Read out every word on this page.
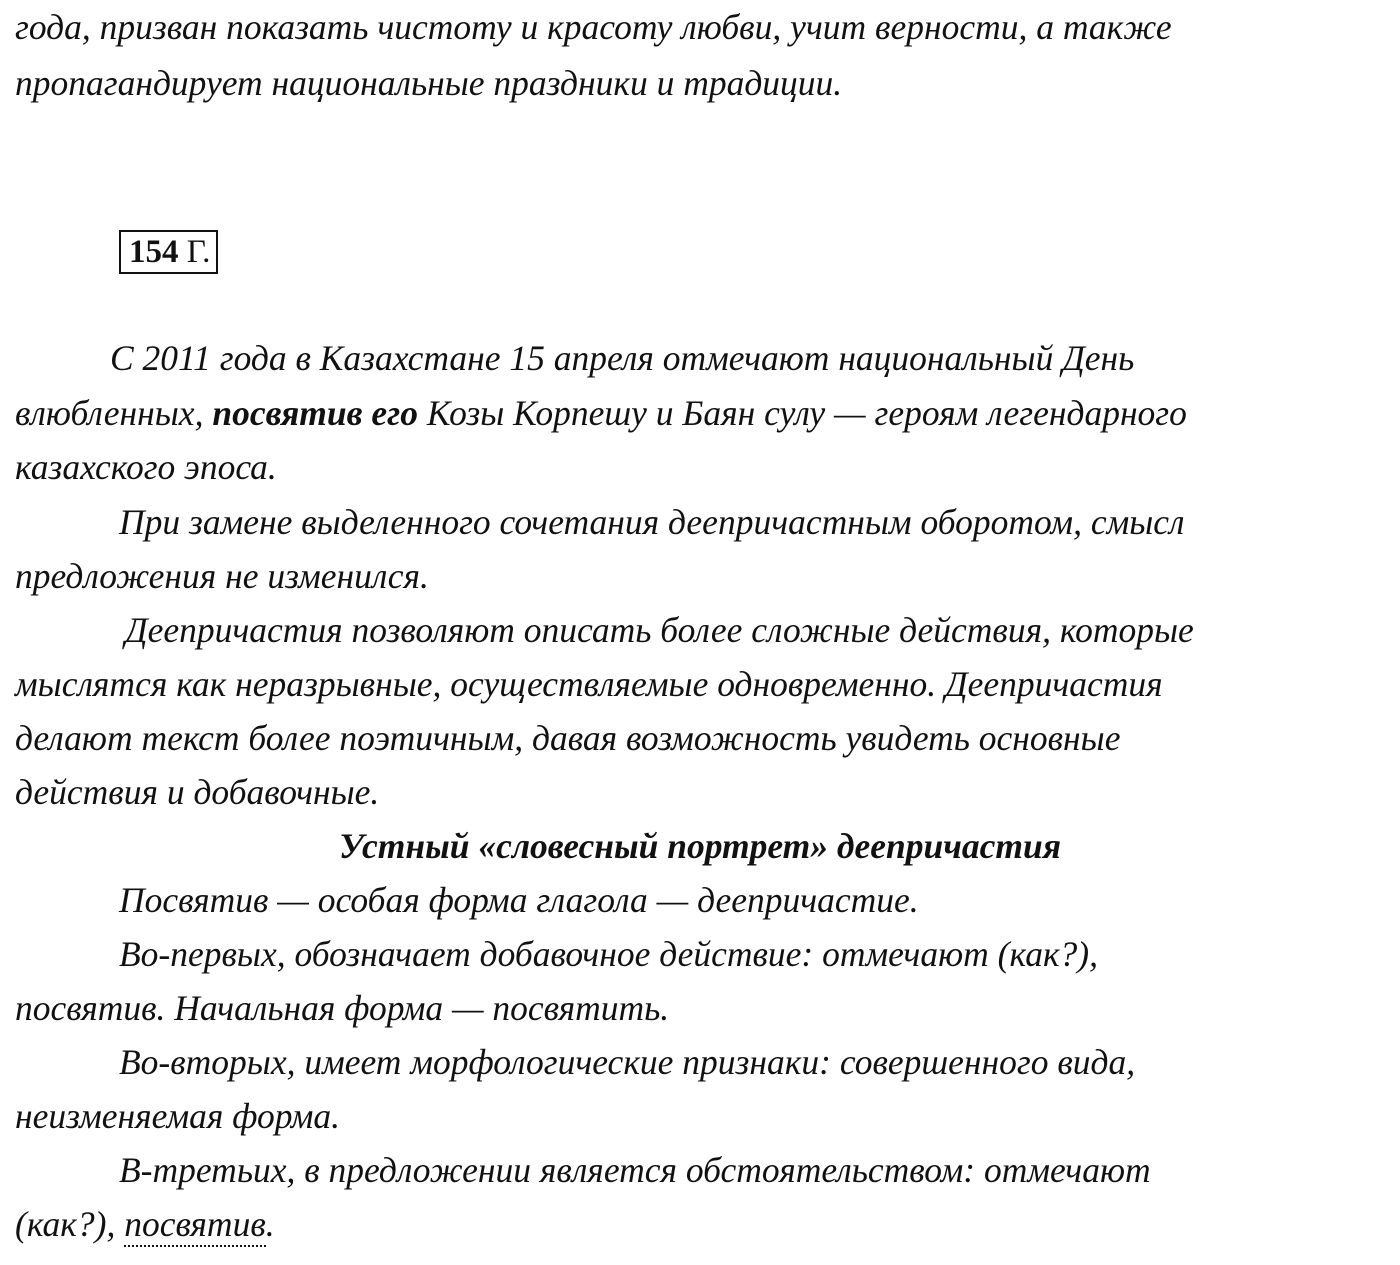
года, призван показать чистоту и красоту любви, учит верности, а также
пропагандирует национальные праздники и традиции.
154 Г.
С 2011 года в Казахстане 15 апреля отмечают национальный День
влюбленных, посвятив его Козы Корпешу и Баян сулу — героям легендарного
казахского эпоса.
При замене выделенного сочетания деепричастным оборотом, смысл
предложения не изменился.
Деепричастия позволяют описать более сложные действия, которые
мыслятся как неразрывные, осуществляемые одновременно. Деепричастия
делают текст более поэтичным, давая возможность увидеть основные
действия и добавочные.
Устный «словесный портрет» деепричастия
Посвятив — особая форма глагола — деепричастие.
Во-первых, обозначает добавочное действие: отмечают (как?),
посвятив. Начальная форма — посвятить.
Во-вторых, имеет морфологические признаки: совершенного вида,
неизменяемая форма.
В-третьих, в предложении является обстоятельством: отмечают
(как?), посвятив.
